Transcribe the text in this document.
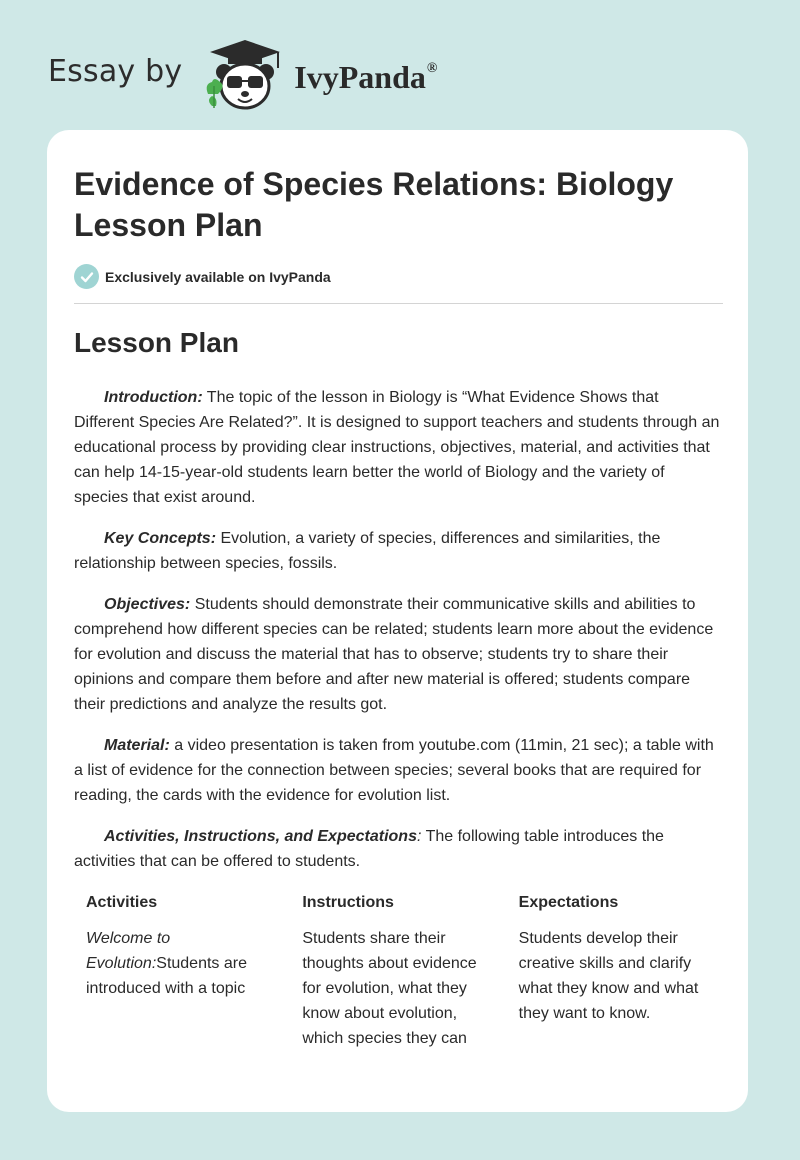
Essay by	IvyPanda®
Evidence of Species Relations: Biology Lesson Plan
Exclusively available on IvyPanda
Lesson Plan

Introduction: The topic of the lesson in Biology is “What Evidence Shows that Different Species Are Related?”. It is designed to support teachers and students through an educational process by providing clear instructions, objectives, material, and activities that can help 14-15-year-old students learn better the world of Biology and the variety of species that exist around.

Key Concepts: Evolution, a variety of species, differences and similarities, the relationship between species, fossils.

Objectives: Students should demonstrate their communicative skills and abilities to comprehend how different species can be related; students learn more about the evidence for evolution and discuss the material that has to observe; students try to share their opinions and compare them before and after new material is offered; students compare their predictions and analyze the results got.

Material: a video presentation is taken from youtube.com (11min, 21 sec); a table with a list of evidence for the connection between species; several books that are required for reading, the cards with the evidence for evolution list.

Activities, Instructions, and Expectations: The following table introduces the activities that can be offered to students.

Activities	Instructions	Expectations
Welcome to Evolution:Students are introduced with a topic	Students share their thoughts about evidence for evolution, what they know about evolution, which species they can	Students develop their creative skills and clarify what they know and what they want to know.
